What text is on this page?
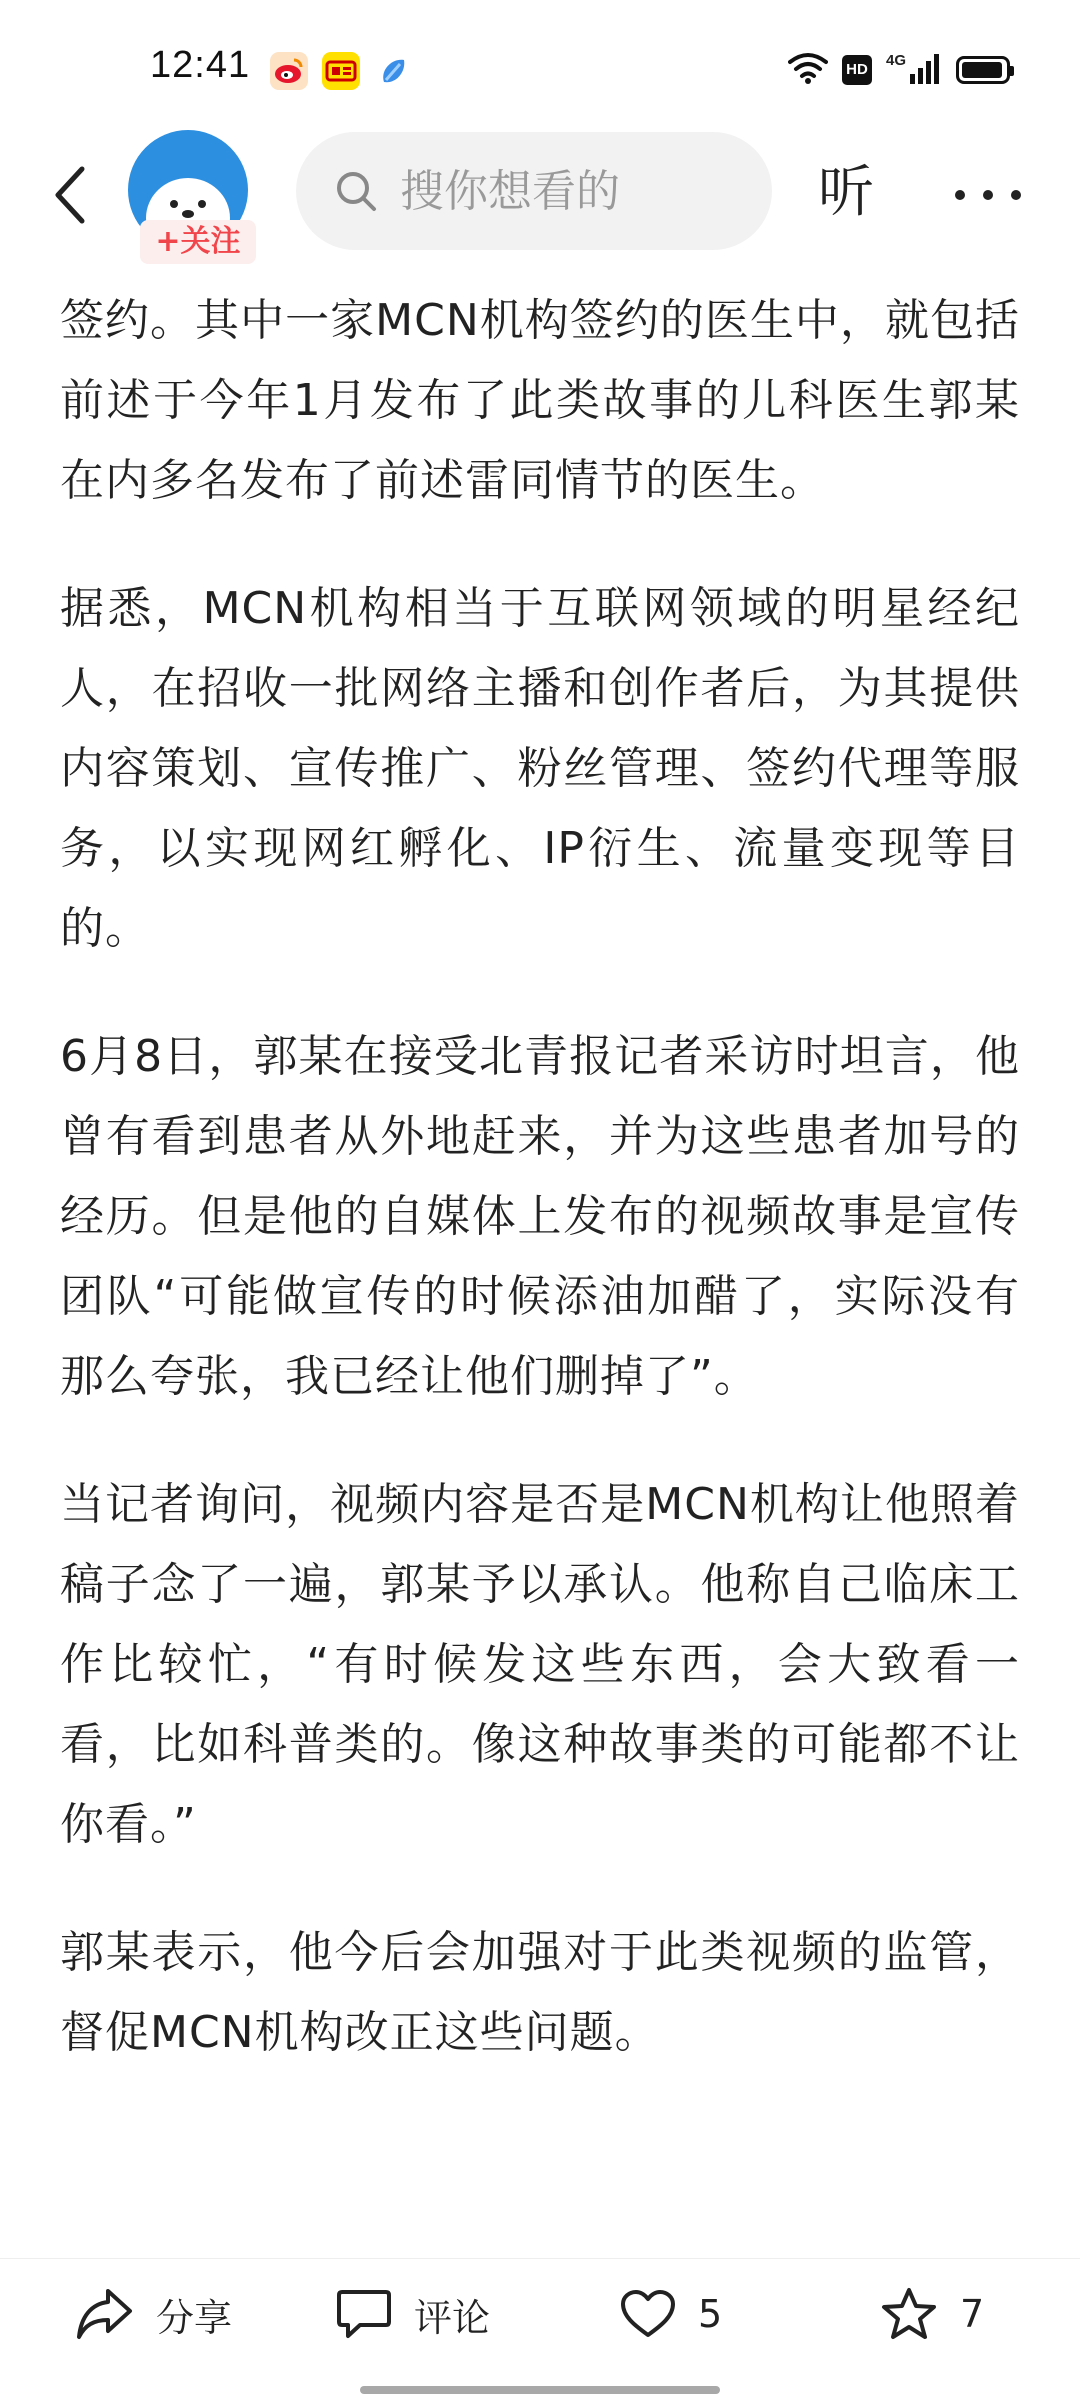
12:41	HD
4G
+关注
搜你想看的
听

签约。其中一家MCN机构签约的医生中，就包括前述于今年1月发布了此类故事的儿科医生郭某在内多名发布了前述雷同情节的医生。

据悉，MCN机构相当于互联网领域的明星经纪人，在招收一批网络主播和创作者后，为其提供内容策划、宣传推广、粉丝管理、签约代理等服务，以实现网红孵化、IP衍生、流量变现等目的。

6月8日，郭某在接受北青报记者采访时坦言，他曾有看到患者从外地赶来，并为这些患者加号的经历。但是他的自媒体上发布的视频故事是宣传团队“可能做宣传的时候添油加醋了，实际没有那么夸张，我已经让他们删掉了”。

当记者询问，视频内容是否是MCN机构让他照着稿子念了一遍，郭某予以承认。他称自己临床工作比较忙，“有时候发这些东西，会大致看一看，比如科普类的。像这种故事类的可能都不让你看。”

郭某表示，他今后会加强对于此类视频的监管，督促MCN机构改正这些问题。

分享	评论	5	7
